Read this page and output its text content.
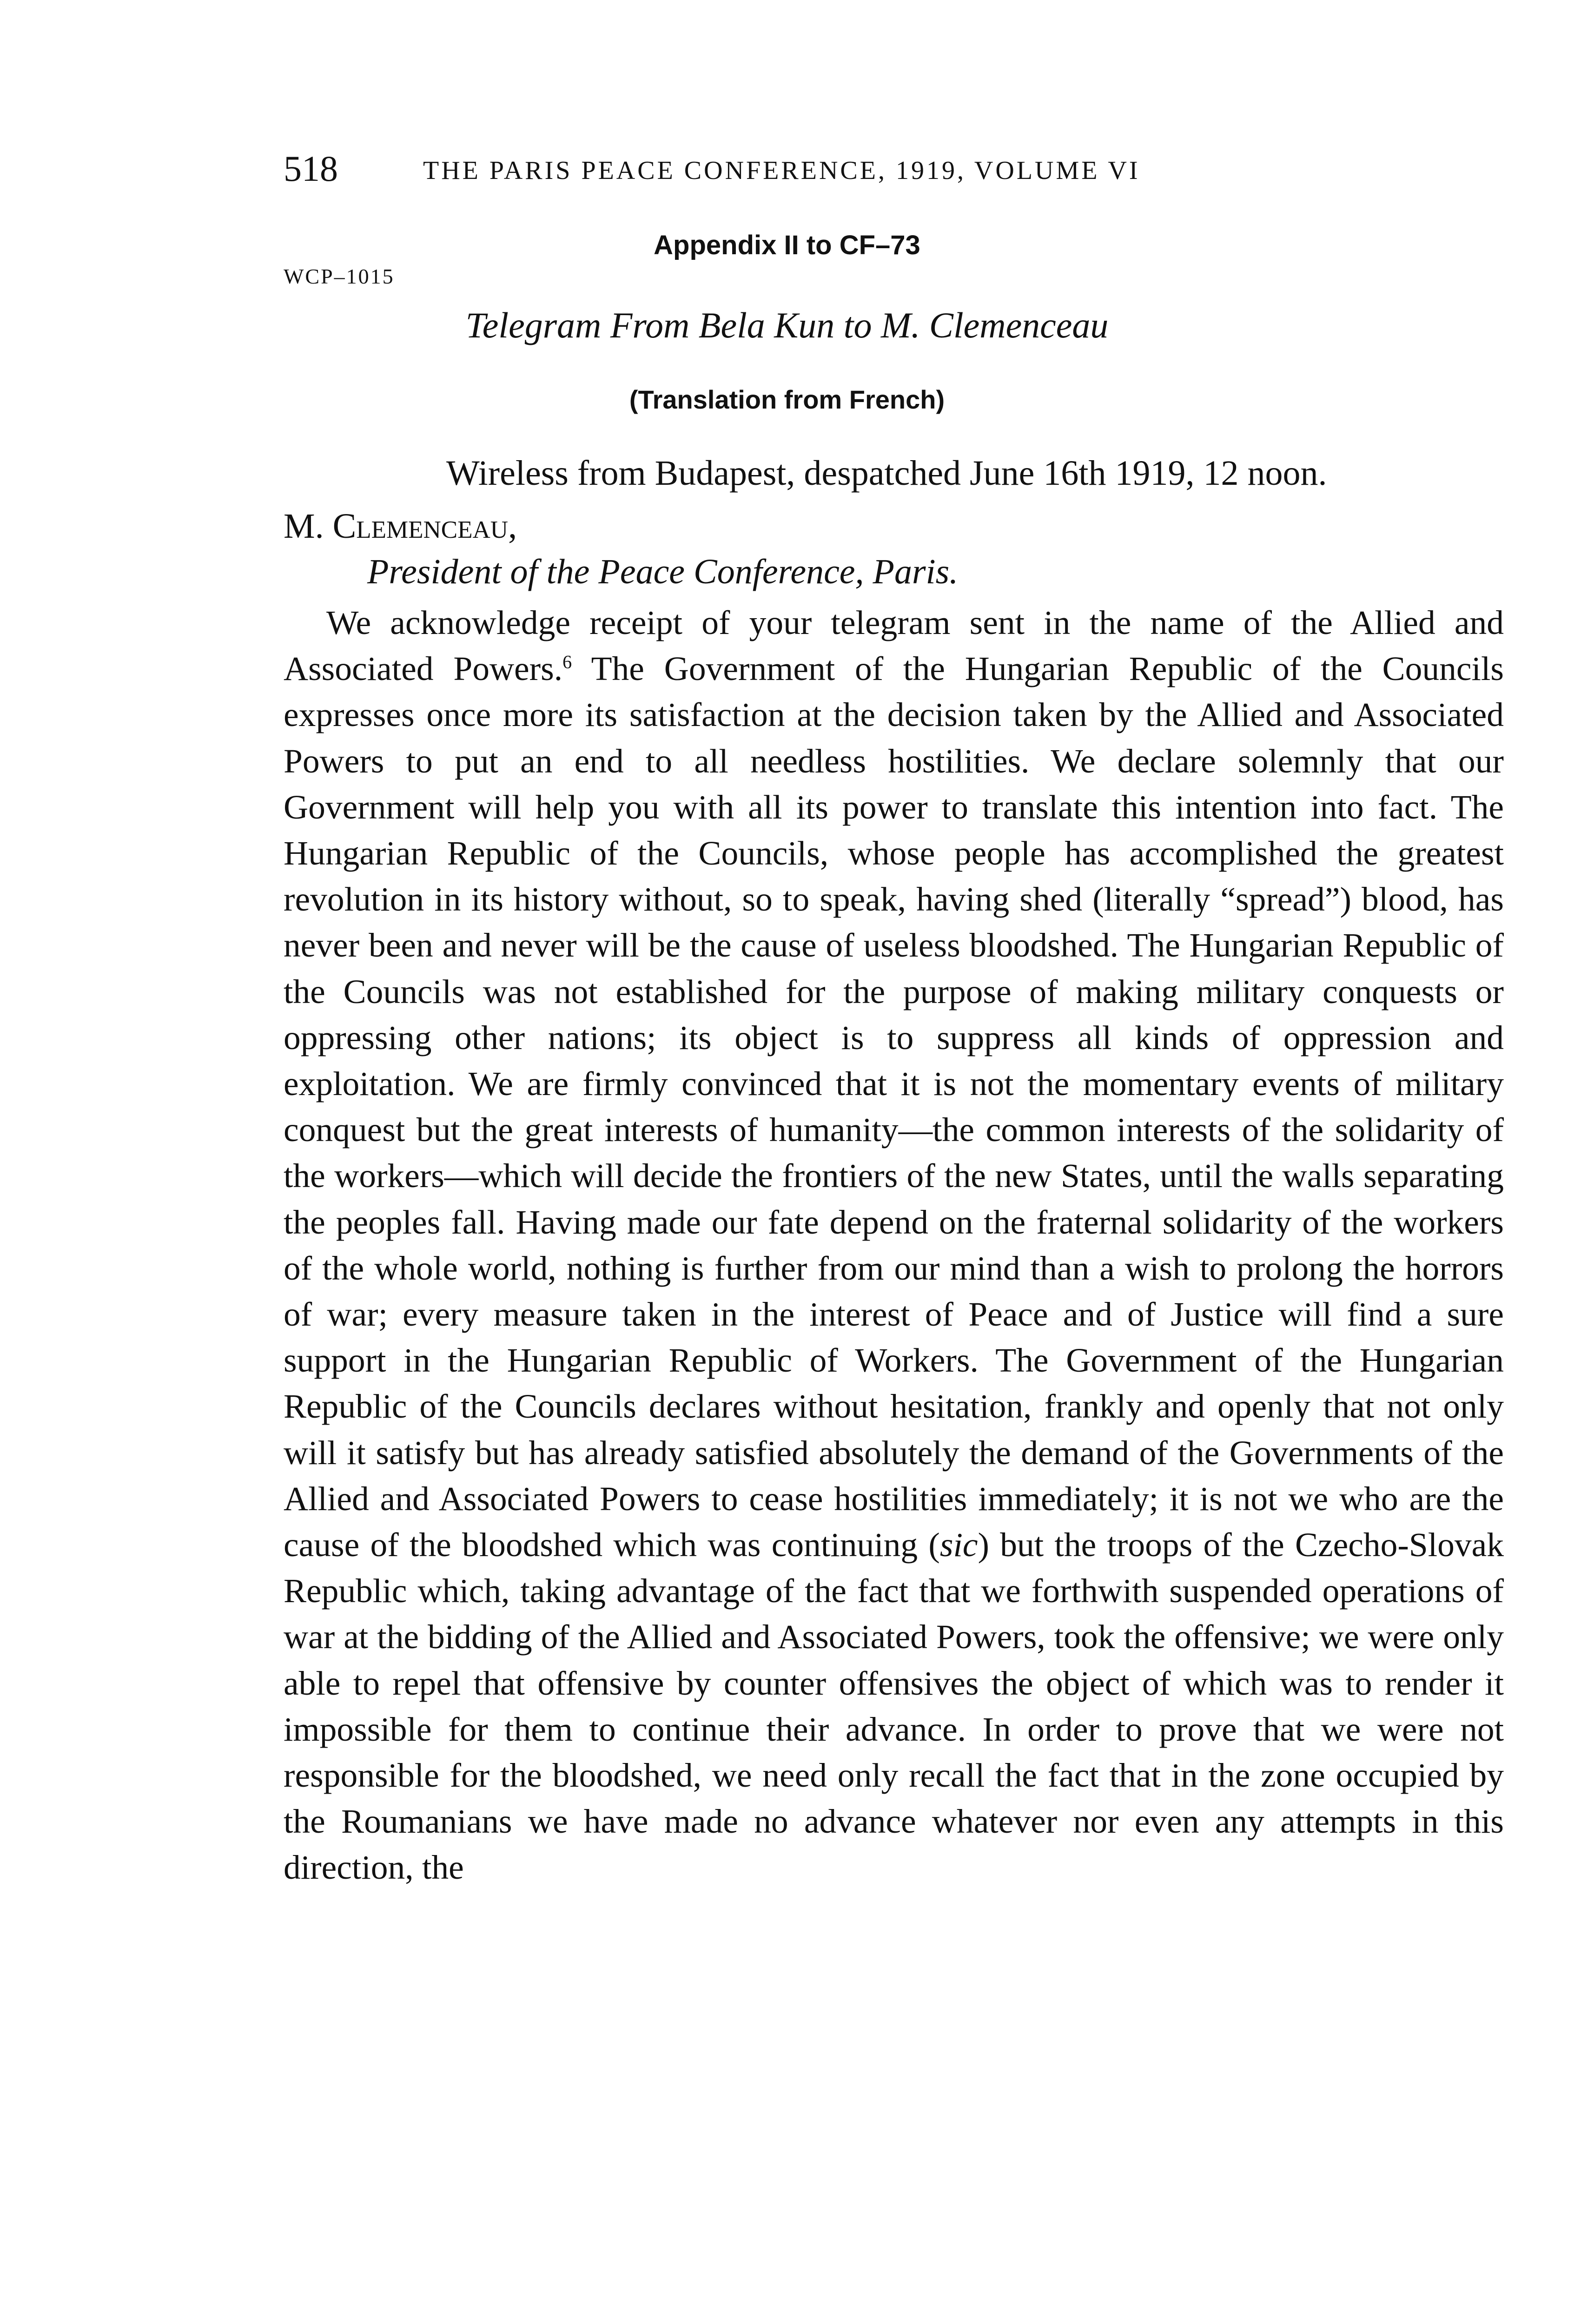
518	THE PARIS PEACE CONFERENCE, 1919, VOLUME VI
Appendix II to CF–73
WCP–1015
Telegram From Bela Kun to M. Clemenceau
(Translation from French)
Wireless from Budapest, despatched June 16th 1919, 12 noon.
M. Clemenceau,
President of the Peace Conference, Paris.

We acknowledge receipt of your telegram sent in the name of the Allied and Associated Powers.$^6$ The Government of the Hungarian Republic of the Councils expresses once more its satisfaction at the decision taken by the Allied and Associated Powers to put an end to all needless hostilities. We declare solemnly that our Government will help you with all its power to translate this intention into fact. The Hungarian Republic of the Councils, whose people has accomplished the greatest revolution in its history without, so to speak, having shed (literally “spread”) blood, has never been and never will be the cause of useless bloodshed. The Hungarian Republic of the Councils was not established for the purpose of making military conquests or oppressing other nations; its object is to suppress all kinds of oppression and exploitation. We are firmly convinced that it is not the momentary events of military conquest but the great interests of humanity—the common interests of the solidarity of the workers—which will decide the frontiers of the new States, until the walls separating the peoples fall. Having made our fate depend on the fraternal solidarity of the workers of the whole world, nothing is further from our mind than a wish to prolong the horrors of war; every measure taken in the interest of Peace and of Justice will find a sure support in the Hungarian Republic of Workers. The Government of the Hungarian Republic of the Councils declares without hesitation, frankly and openly that not only will it satisfy but has already satisfied absolutely the demand of the Governments of the Allied and Associated Powers to cease hostilities immediately; it is not we who are the cause of the bloodshed which was continuing (sic) but the troops of the Czecho-Slovak Republic which, taking advantage of the fact that we forthwith suspended operations of war at the bidding of the Allied and Associated Powers, took the offensive; we were only able to repel that offensive by counter offensives the object of which was to render it impossible for them to continue their advance. In order to prove that we were not responsible for the bloodshed, we need only recall the fact that in the zone occupied by the Roumanians we have made no advance whatever nor even any attempts in this direction, the
